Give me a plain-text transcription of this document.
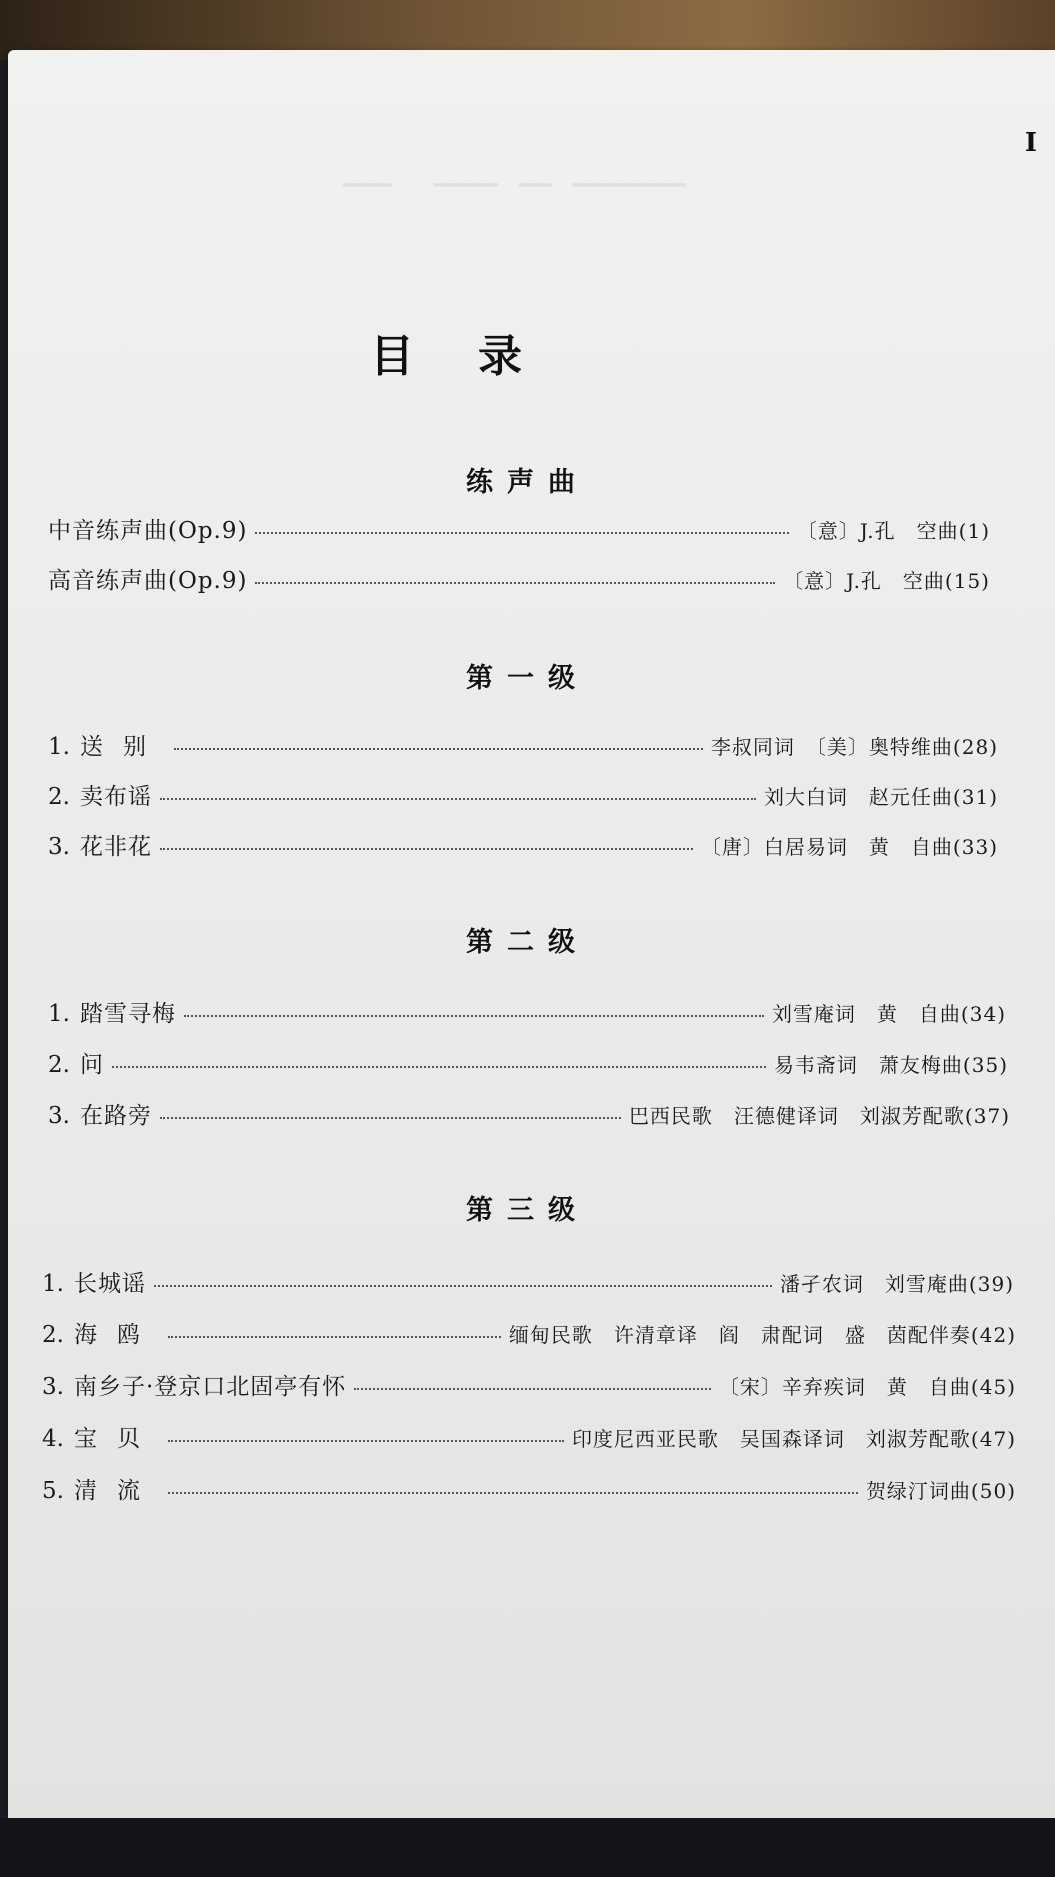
▔▔▔　　▔▔▔▔　▔▔　▔▔▔▔▔▔▔
I
目 录
练声曲
中音练声曲(Op.9)	〔意〕J.孔　空曲(1)
高音练声曲(Op.9)	〔意〕J.孔　空曲(15)
第一级
1. 送别	李叔同词　〔美〕奥特维曲(28)
2. 卖布谣	刘大白词　赵元任曲(31)
3. 花非花	〔唐〕白居易词　黄　自曲(33)
第二级
1. 踏雪寻梅	刘雪庵词　黄　自曲(34)
2. 问	易韦斋词　萧友梅曲(35)
3. 在路旁	巴西民歌　汪德健译词　刘淑芳配歌(37)
第三级
1. 长城谣	潘孑农词　刘雪庵曲(39)
2. 海鸥	缅甸民歌　许清章译　阎　肃配词　盛　茵配伴奏(42)
3. 南乡子·登京口北固亭有怀	〔宋〕辛弃疾词　黄　自曲(45)
4. 宝贝	印度尼西亚民歌　吴国森译词　刘淑芳配歌(47)
5. 清流	贺绿汀词曲(50)
